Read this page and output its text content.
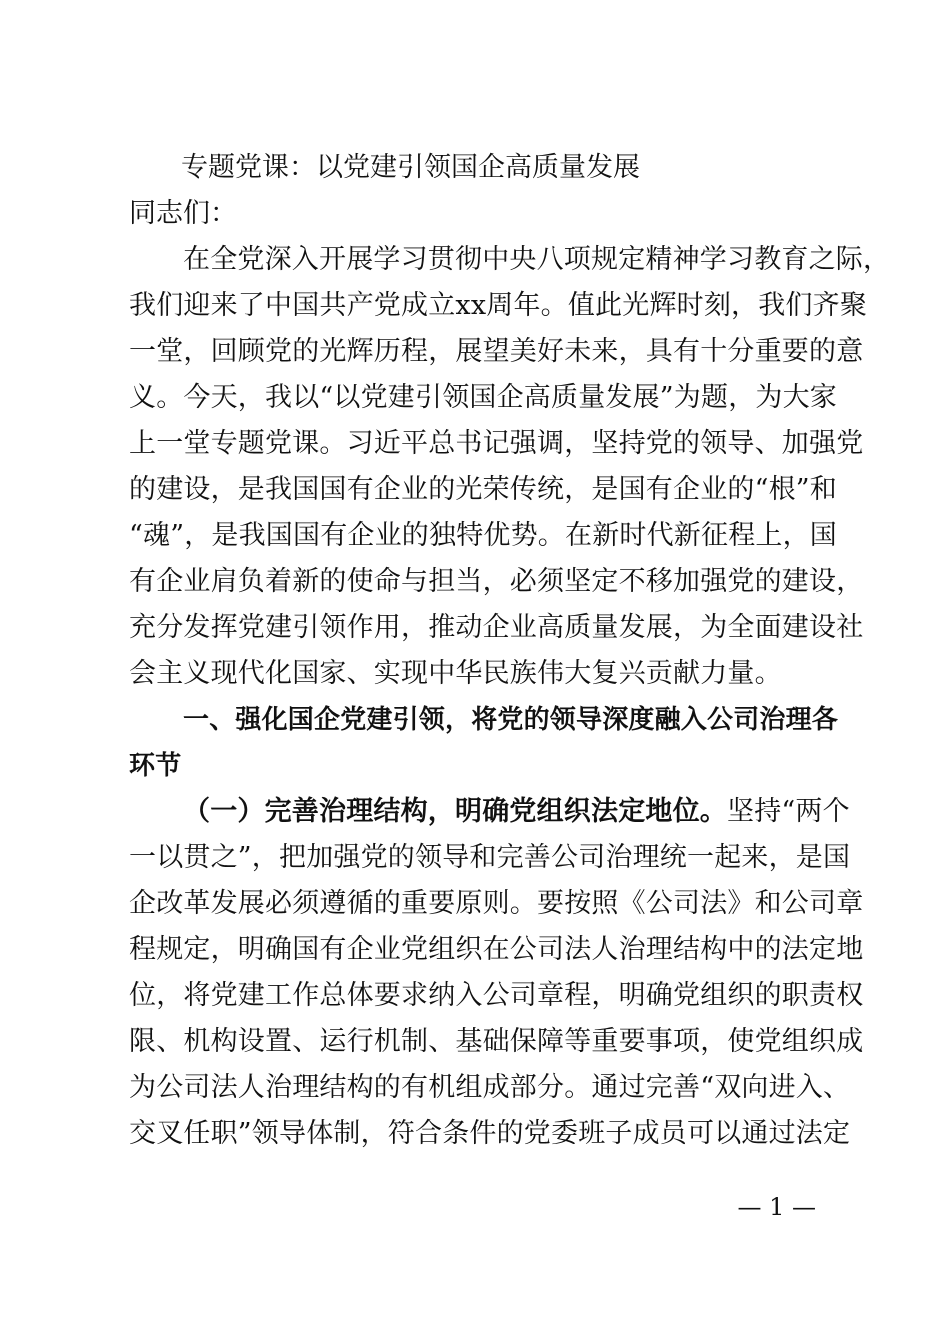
专题党课：以党建引领国企高质量发展
同志们：
在全党深入开展学习贯彻中央八项规定精神学习教育之际，
我们迎来了中国共产党成立xx周年。值此光辉时刻，我们齐聚
一堂，回顾党的光辉历程，展望美好未来，具有十分重要的意
义。今天，我以“以党建引领国企高质量发展”为题，为大家
上一堂专题党课。习近平总书记强调，坚持党的领导、加强党
的建设，是我国国有企业的光荣传统，是国有企业的“根”和
“魂”，是我国国有企业的独特优势。在新时代新征程上，国
有企业肩负着新的使命与担当，必须坚定不移加强党的建设，
充分发挥党建引领作用，推动企业高质量发展，为全面建设社
会主义现代化国家、实现中华民族伟大复兴贡献力量。
一、强化国企党建引领，将党的领导深度融入公司治理各
环节
（一）完善治理结构，明确党组织法定地位。坚持“两个
一以贯之”，把加强党的领导和完善公司治理统一起来，是国
企改革发展必须遵循的重要原则。要按照《公司法》和公司章
程规定，明确国有企业党组织在公司法人治理结构中的法定地
位，将党建工作总体要求纳入公司章程，明确党组织的职责权
限、机构设置、运行机制、基础保障等重要事项，使党组织成
为公司法人治理结构的有机组成部分。通过完善“双向进入、
交叉任职”领导体制，符合条件的党委班子成员可以通过法定
— 1 —
